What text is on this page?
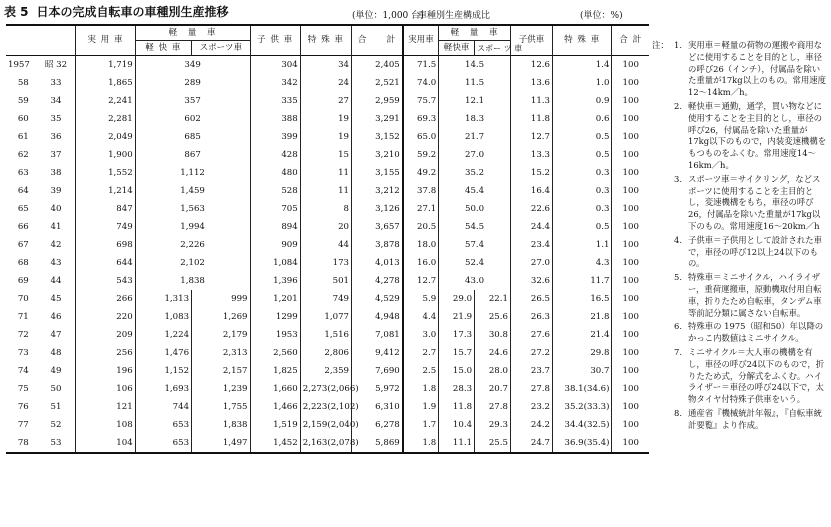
表 5 日本の完成自転車の車種別生産推移	(単位：1,000 台)
車種別生産構成比	(単位：%)
		実 用 車	軽　量　車		子 供 車	特 殊 車	合　　計	実用車	軽　量　車		子供車	特 殊 車	合 計
			軽 快 車	スポーツ車					軽快車	スポー ツ 車			
1957	昭 32	1,719	349		304	34	2,405	71.5	14.5		12.6	1.4	100
58	33	1,865	289		342	24	2,521	74.0	11.5		13.6	1.0	100
59	34	2,241	357		335	27	2,959	75.7	12.1		11.3	0.9	100
60	35	2,281	602		388	19	3,291	69.3	18.3		11.8	0.6	100
61	36	2,049	685		399	19	3,152	65.0	21.7		12.7	0.5	100
62	37	1,900	867		428	15	3,210	59.2	27.0		13.3	0.5	100
63	38	1,552	1,112		480	11	3,155	49.2	35.2		15.2	0.3	100
64	39	1,214	1,459		528	11	3,212	37.8	45.4		16.4	0.3	100
65	40	847	1,563		705	8	3,126	27.1	50.0		22.6	0.3	100
66	41	749	1,994		894	20	3,657	20.5	54.5		24.4	0.5	100
67	42	698	2,226		909	44	3,878	18.0	57.4		23.4	1.1	100
68	43	644	2,102		1,084	173	4,013	16.0	52.4		27.0	4.3	100
69	44	543	1,838		1,396	501	4,278	12.7	43.0		32.6	11.7	100
70	45	266	1,313	999	1,201	749	4,529	5.9	29.0	22.1	26.5	16.5	100
71	46	220	1,083	1,269	1299	1,077	4,948	4.4	21.9	25.6	26.3	21.8	100
72	47	209	1,224	2,179	1953	1,516	7,081	3.0	17.3	30.8	27.6	21.4	100
73	48	256	1,476	2,313	2,560	2,806	9,412	2.7	15.7	24.6	27.2	29.8	100
74	49	196	1,152	2,157	1,825	2,359	7,690	2.5	15.0	28.0	23.7	30.7	100
75	50	106	1,693	1,239	1,660	2,273(2,066)	5,972	1.8	28.3	20.7	27.8	38.1(34.6)	100
76	51	121	744	1,755	1,466	2,223(2,102)	6,310	1.9	11.8	27.8	23.2	35.2(33.3)	100
77	52	108	653	1,838	1,519	2,159(2,040)	6,278	1.7	10.4	29.3	24.2	34.4(32.5)	100
78	53	104	653	1,497	1,452	2,163(2,078)	5,869	1.8	11.1	25.5	24.7	36.9(35.4)	100
注： 1. 実用車＝軽量の荷物の運搬や商用などに使用することを目的とし，車径の呼び26（インチ），付属品を除いた重量が17kg以上のもの。常用速度12～14km／h。
2. 軽快車＝通勤，通学，買い物などに使用することを主目的とし，車径の呼び26，付属品を除いた重量が17kg以下のもので，内装変速機構をもつものをふくむ。常用速度14～16km／h。
3. スポーツ車＝サイクリング，などスポーツに使用することを主目的とし，変速機構をもち，車径の呼び26，付属品を除いた重量が17kg以下のもの。常用速度16～20km／h
4. 子供車＝子供用として設計された車で，車径の呼び12以上24以下のもの。
5. 特殊車＝ミニサイクル，ハイライザー，重荷運搬車，原動機取付用自転車，折りたため自転車，タンデム車等前記分類に属さない自転車。
6. 特殊車の 1975（昭和50）年以降のかっこ内数値はミニサイクル。
7. ミニサイクル＝大人車の機構を有し，車径の呼び24以下のもので，折りたため式，分解式をふくむ。ハイライザー＝車径の呼び24以下で，太物タイヤ付特殊子供車をいう。
8. 通産省『機械統計年報』，『自転車統計要覧』より作成。
